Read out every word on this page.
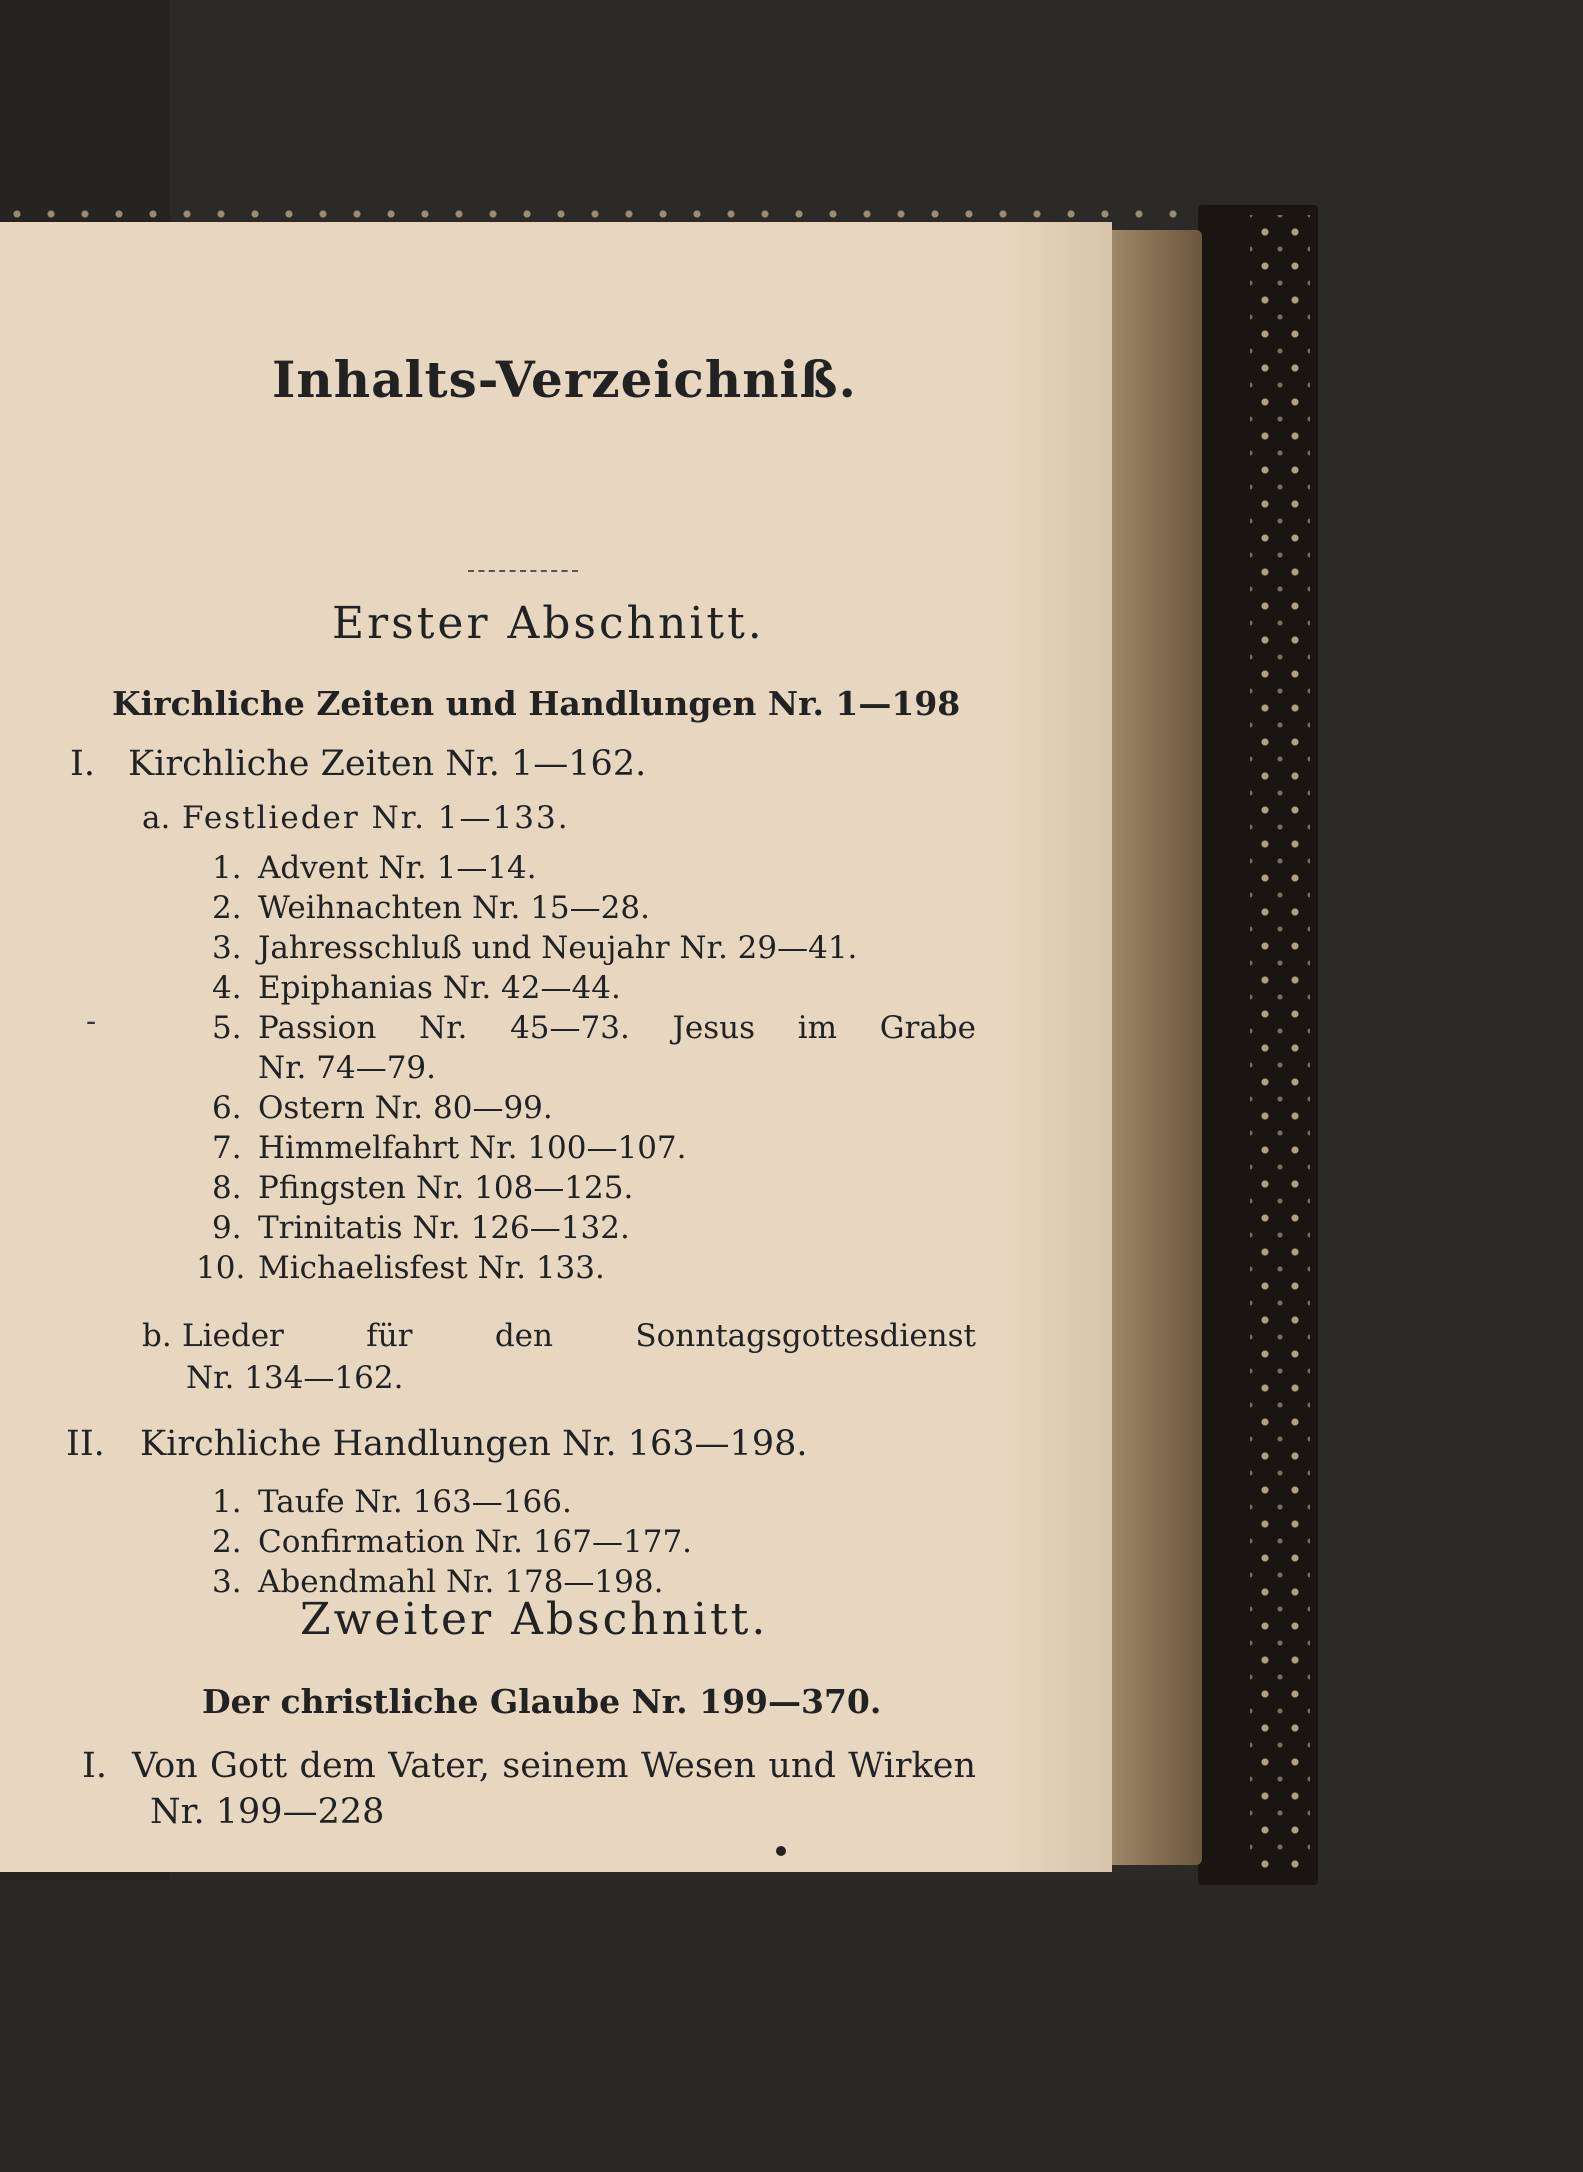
Inhalts-Verzeichniß.
Erster Abschnitt.
Kirchliche Zeiten und Handlungen Nr. 1—198
I. Kirchliche Zeiten Nr. 1—162.
a. Festlieder Nr. 1—133.
1. Advent Nr. 1—14.
2. Weihnachten Nr. 15—28.
3. Jahresschluß und Neujahr Nr. 29—41.
4. Epiphanias Nr. 42—44.
-	5. Passion Nr. 45—73. Jesus im Grabe
Nr. 74—79.
6. Ostern Nr. 80—99.
7. Himmelfahrt Nr. 100—107.
8. Pfingsten Nr. 108—125.
9. Trinitatis Nr. 126—132.
10. Michaelisfest Nr. 133.
b. Lieder für den Sonntagsgottesdienst
Nr. 134—162.
II. Kirchliche Handlungen Nr. 163—198.
1. Taufe Nr. 163—166.
2. Confirmation Nr. 167—177.
3. Abendmahl Nr. 178—198.
Zweiter Abschnitt.
Der christliche Glaube Nr. 199—370.
I. Von Gott dem Vater, seinem Wesen und Wirken
Nr. 199—228
